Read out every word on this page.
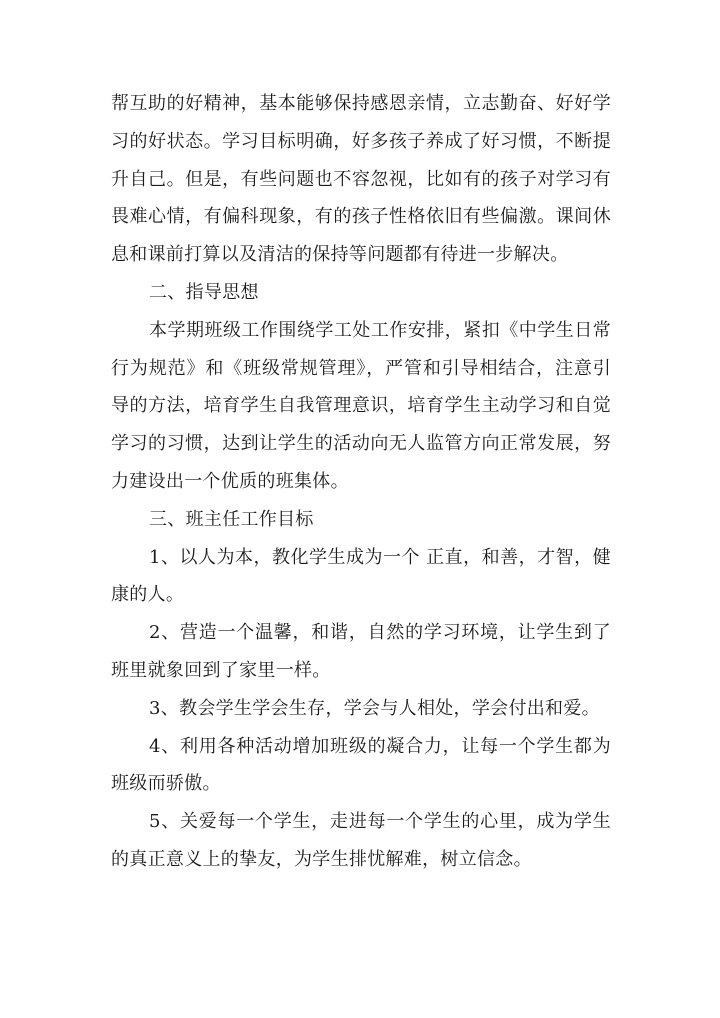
帮互助的好精神，基本能够保持感恩亲情，立志勤奋、好好学习的好状态。学习目标明确，好多孩子养成了好习惯，不断提升自己。但是，有些问题也不容忽视，比如有的孩子对学习有畏难心情，有偏科现象，有的孩子性格依旧有些偏激。课间休息和课前打算以及清洁的保持等问题都有待进一步解决。

二、指导思想

本学期班级工作围绕学工处工作安排，紧扣《中学生日常行为规范》和《班级常规管理》，严管和引导相结合，注意引导的方法，培育学生自我管理意识，培育学生主动学习和自觉学习的习惯，达到让学生的活动向无人监管方向正常发展，努力建设出一个优质的班集体。

三、班主任工作目标

1、以人为本，教化学生成为一个 正直，和善，才智，健康的人。

2、营造一个温馨，和谐，自然的学习环境，让学生到了班里就象回到了家里一样。

3、教会学生学会生存，学会与人相处，学会付出和爱。

4、利用各种活动增加班级的凝合力，让每一个学生都为班级而骄傲。

5、关爱每一个学生，走进每一个学生的心里，成为学生的真正意义上的挚友，为学生排忧解难，树立信念。
